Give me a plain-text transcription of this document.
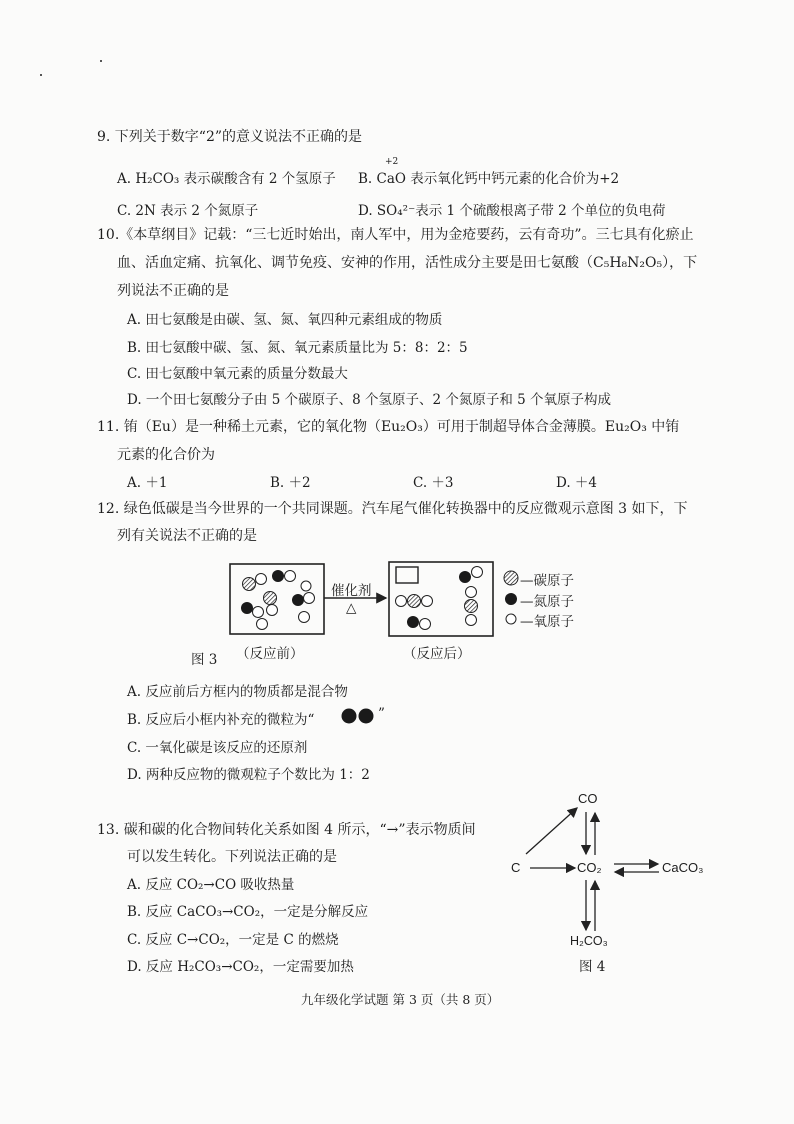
9. 下列关于数字“2”的意义说法不正确的是
+2
A. H₂CO₃ 表示碳酸含有 2 个氢原子 B. CaO 表示氧化钙中钙元素的化合价为+2
C. 2N 表示 2 个氮原子	D. SO₄²⁻表示 1 个硫酸根离子带 2 个单位的负电荷
10.《本草纲目》记载：“三七近时始出，南人军中，用为金疮要药，云有奇功”。三七具有化瘀止
血、活血定痛、抗氧化、调节免疫、安神的作用，活性成分主要是田七氨酸（C₅H₈N₂O₅），下
列说法不正确的是
A. 田七氨酸是由碳、氢、氮、氧四种元素组成的物质
B. 田七氨酸中碳、氢、氮、氧元素质量比为 5：8：2：5
C. 田七氨酸中氧元素的质量分数最大
D. 一个田七氨酸分子由 5 个碳原子、8 个氢原子、2 个氮原子和 5 个氧原子构成
11. 铕（Eu）是一种稀土元素，它的氧化物（Eu₂O₃）可用于制超导体合金薄膜。Eu₂O₃ 中铕
元素的化合价为
A. ＋1	B. ＋2	C. ＋3	D. ＋4
12. 绿色低碳是当今世界的一个共同课题。汽车尾气催化转换器中的反应微观示意图 3 如下，下
列有关说法不正确的是
催化剂
△
—碳原子
—氮原子
—氧原子
图 3 （反应前）	（反应后）
A. 反应前后方框内的物质都是混合物
B. 反应后小框内补充的微粒为“	”
C. 一氧化碳是该反应的还原剂
D. 两种反应物的微观粒子个数比为 1：2
13. 碳和碳的化合物间转化关系如图 4 所示，“→”表示物质间
可以发生转化。下列说法正确的是
A. 反应 CO₂→CO 吸收热量
B. 反应 CaCO₃→CO₂，一定是分解反应
C. 反应 C→CO₂，一定是 C 的燃烧
D. 反应 H₂CO₃→CO₂，一定需要加热
CO
C	CO₂	CaCO₃
H₂CO₃
图 4
九年级化学试题 第 3 页（共 8 页）
